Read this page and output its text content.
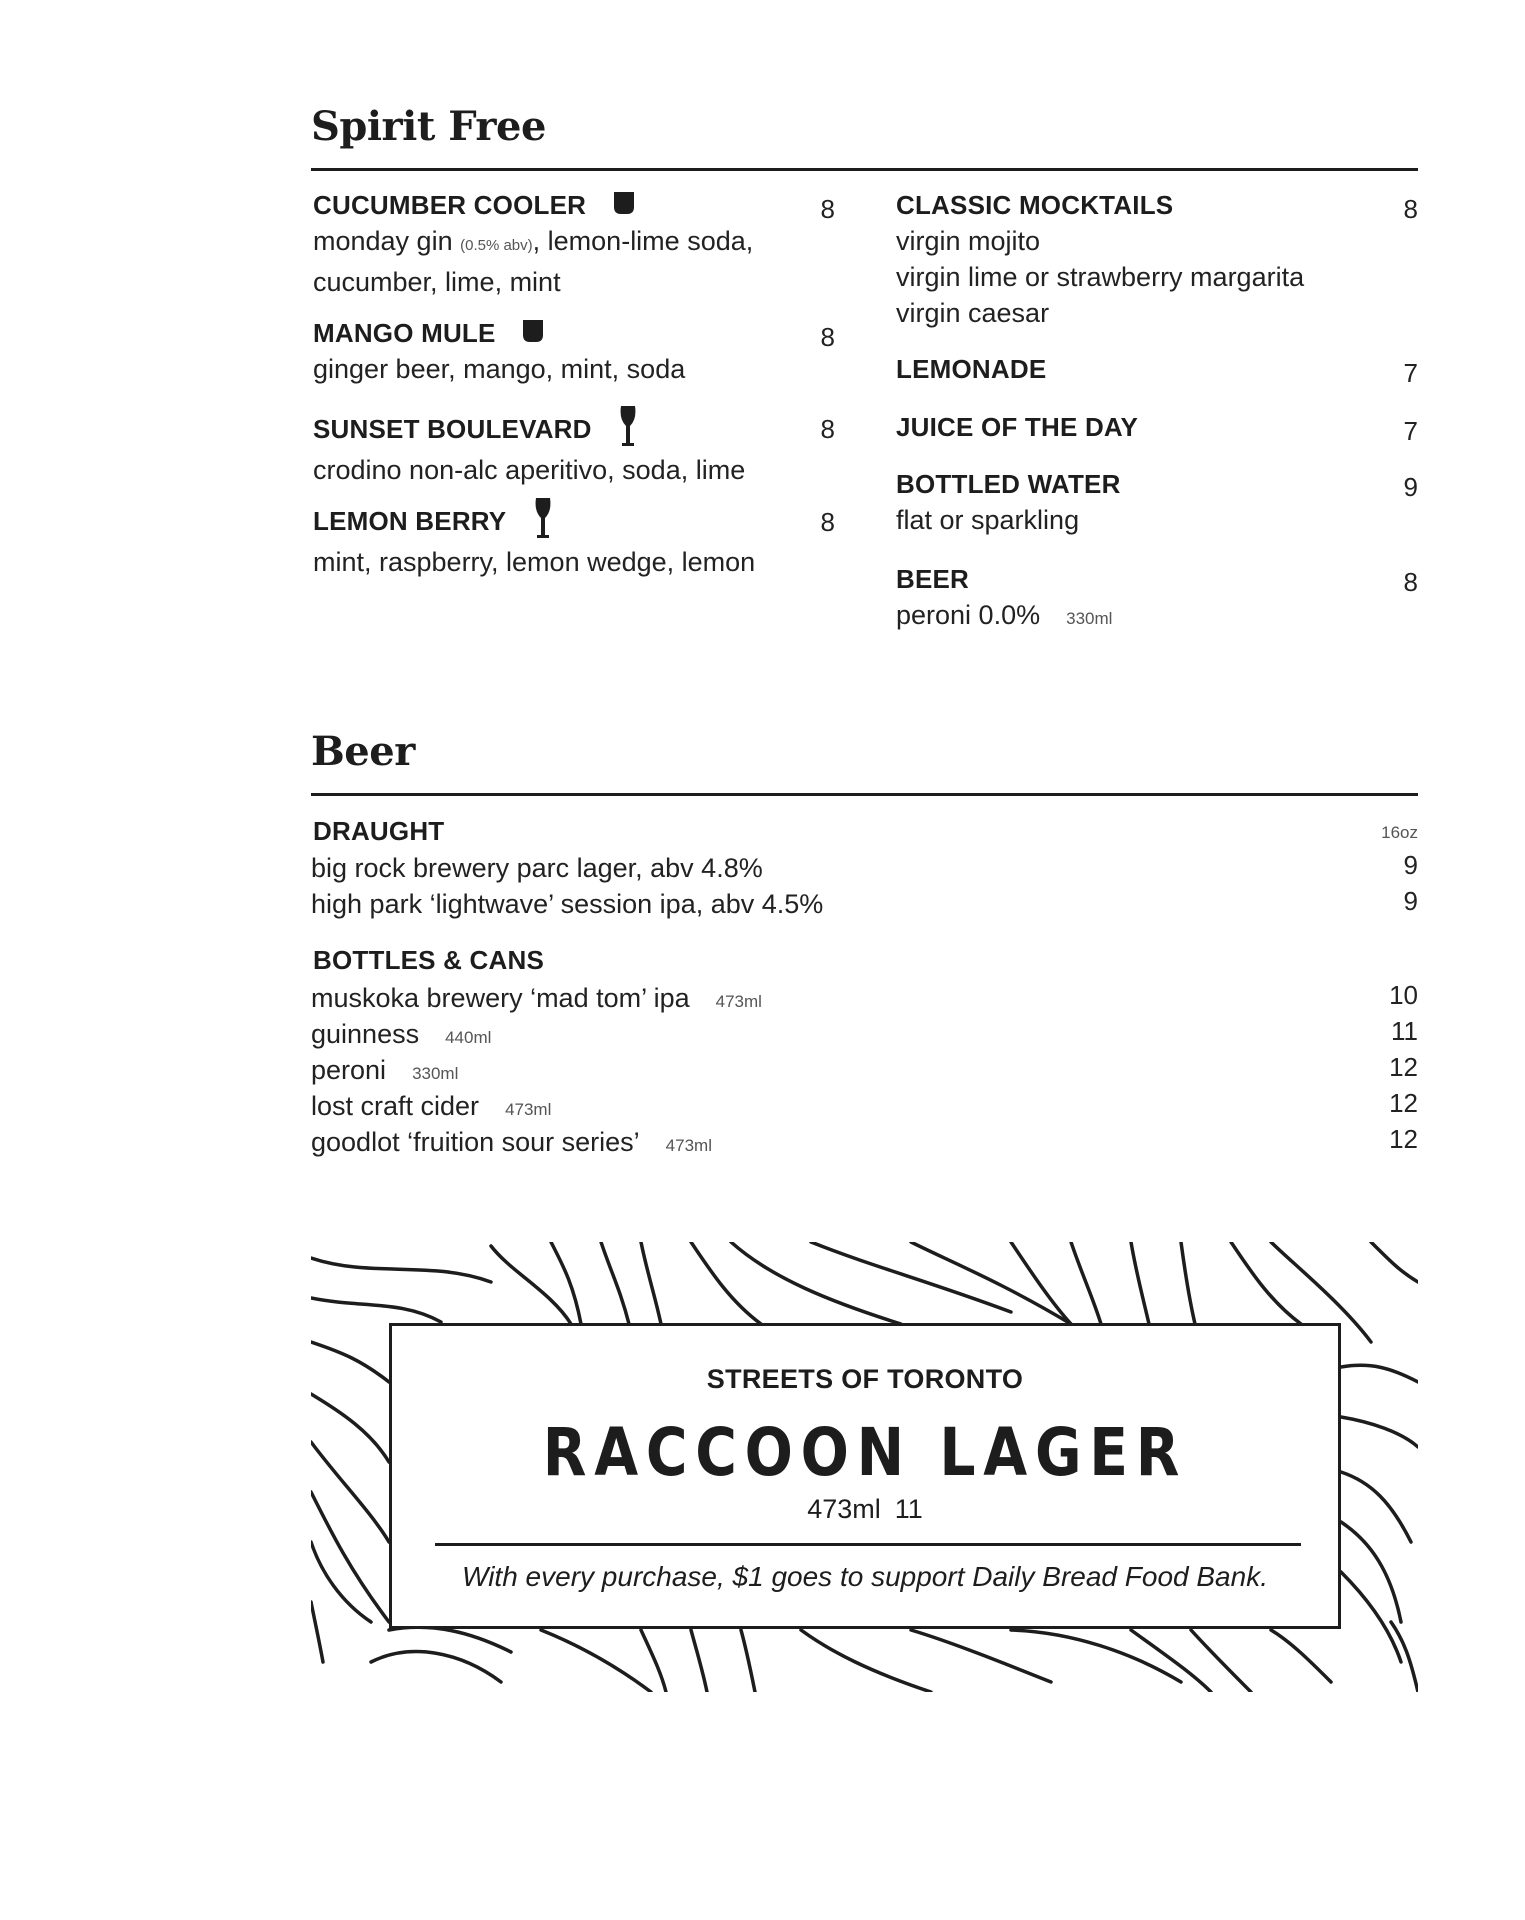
Spirit Free
CUCUMBER COOLER
monday gin (0.5% abv), lemon-lime soda,
cucumber, lime, mint
8
MANGO MULE
ginger beer, mango, mint, soda
8
SUNSET BOULEVARD
crodino non-alc aperitivo, soda, lime
8
LEMON BERRY
mint, raspberry, lemon wedge, lemon
8
CLASSIC MOCKTAILS
virgin mojito
virgin lime or strawberry margarita
virgin caesar
8
LEMONADE	7
JUICE OF THE DAY	7
BOTTLED WATER
flat or sparkling
9
BEER
peroni 0.0% 330ml
8
Beer
DRAUGHT	16oz
big rock brewery parc lager, abv 4.8%	9
high park ‘lightwave’ session ipa, abv 4.5%	9
BOTTLES & CANS
muskoka brewery ‘mad tom’ ipa 473ml	10
guinness 440ml	11
peroni 330ml	12
lost craft cider 473ml	12
goodlot ‘fruition sour series’ 473ml	12
STREETS OF TORONTO
RACCOON LAGER
473ml 11
With every purchase, $1 goes to support Daily Bread Food Bank.
